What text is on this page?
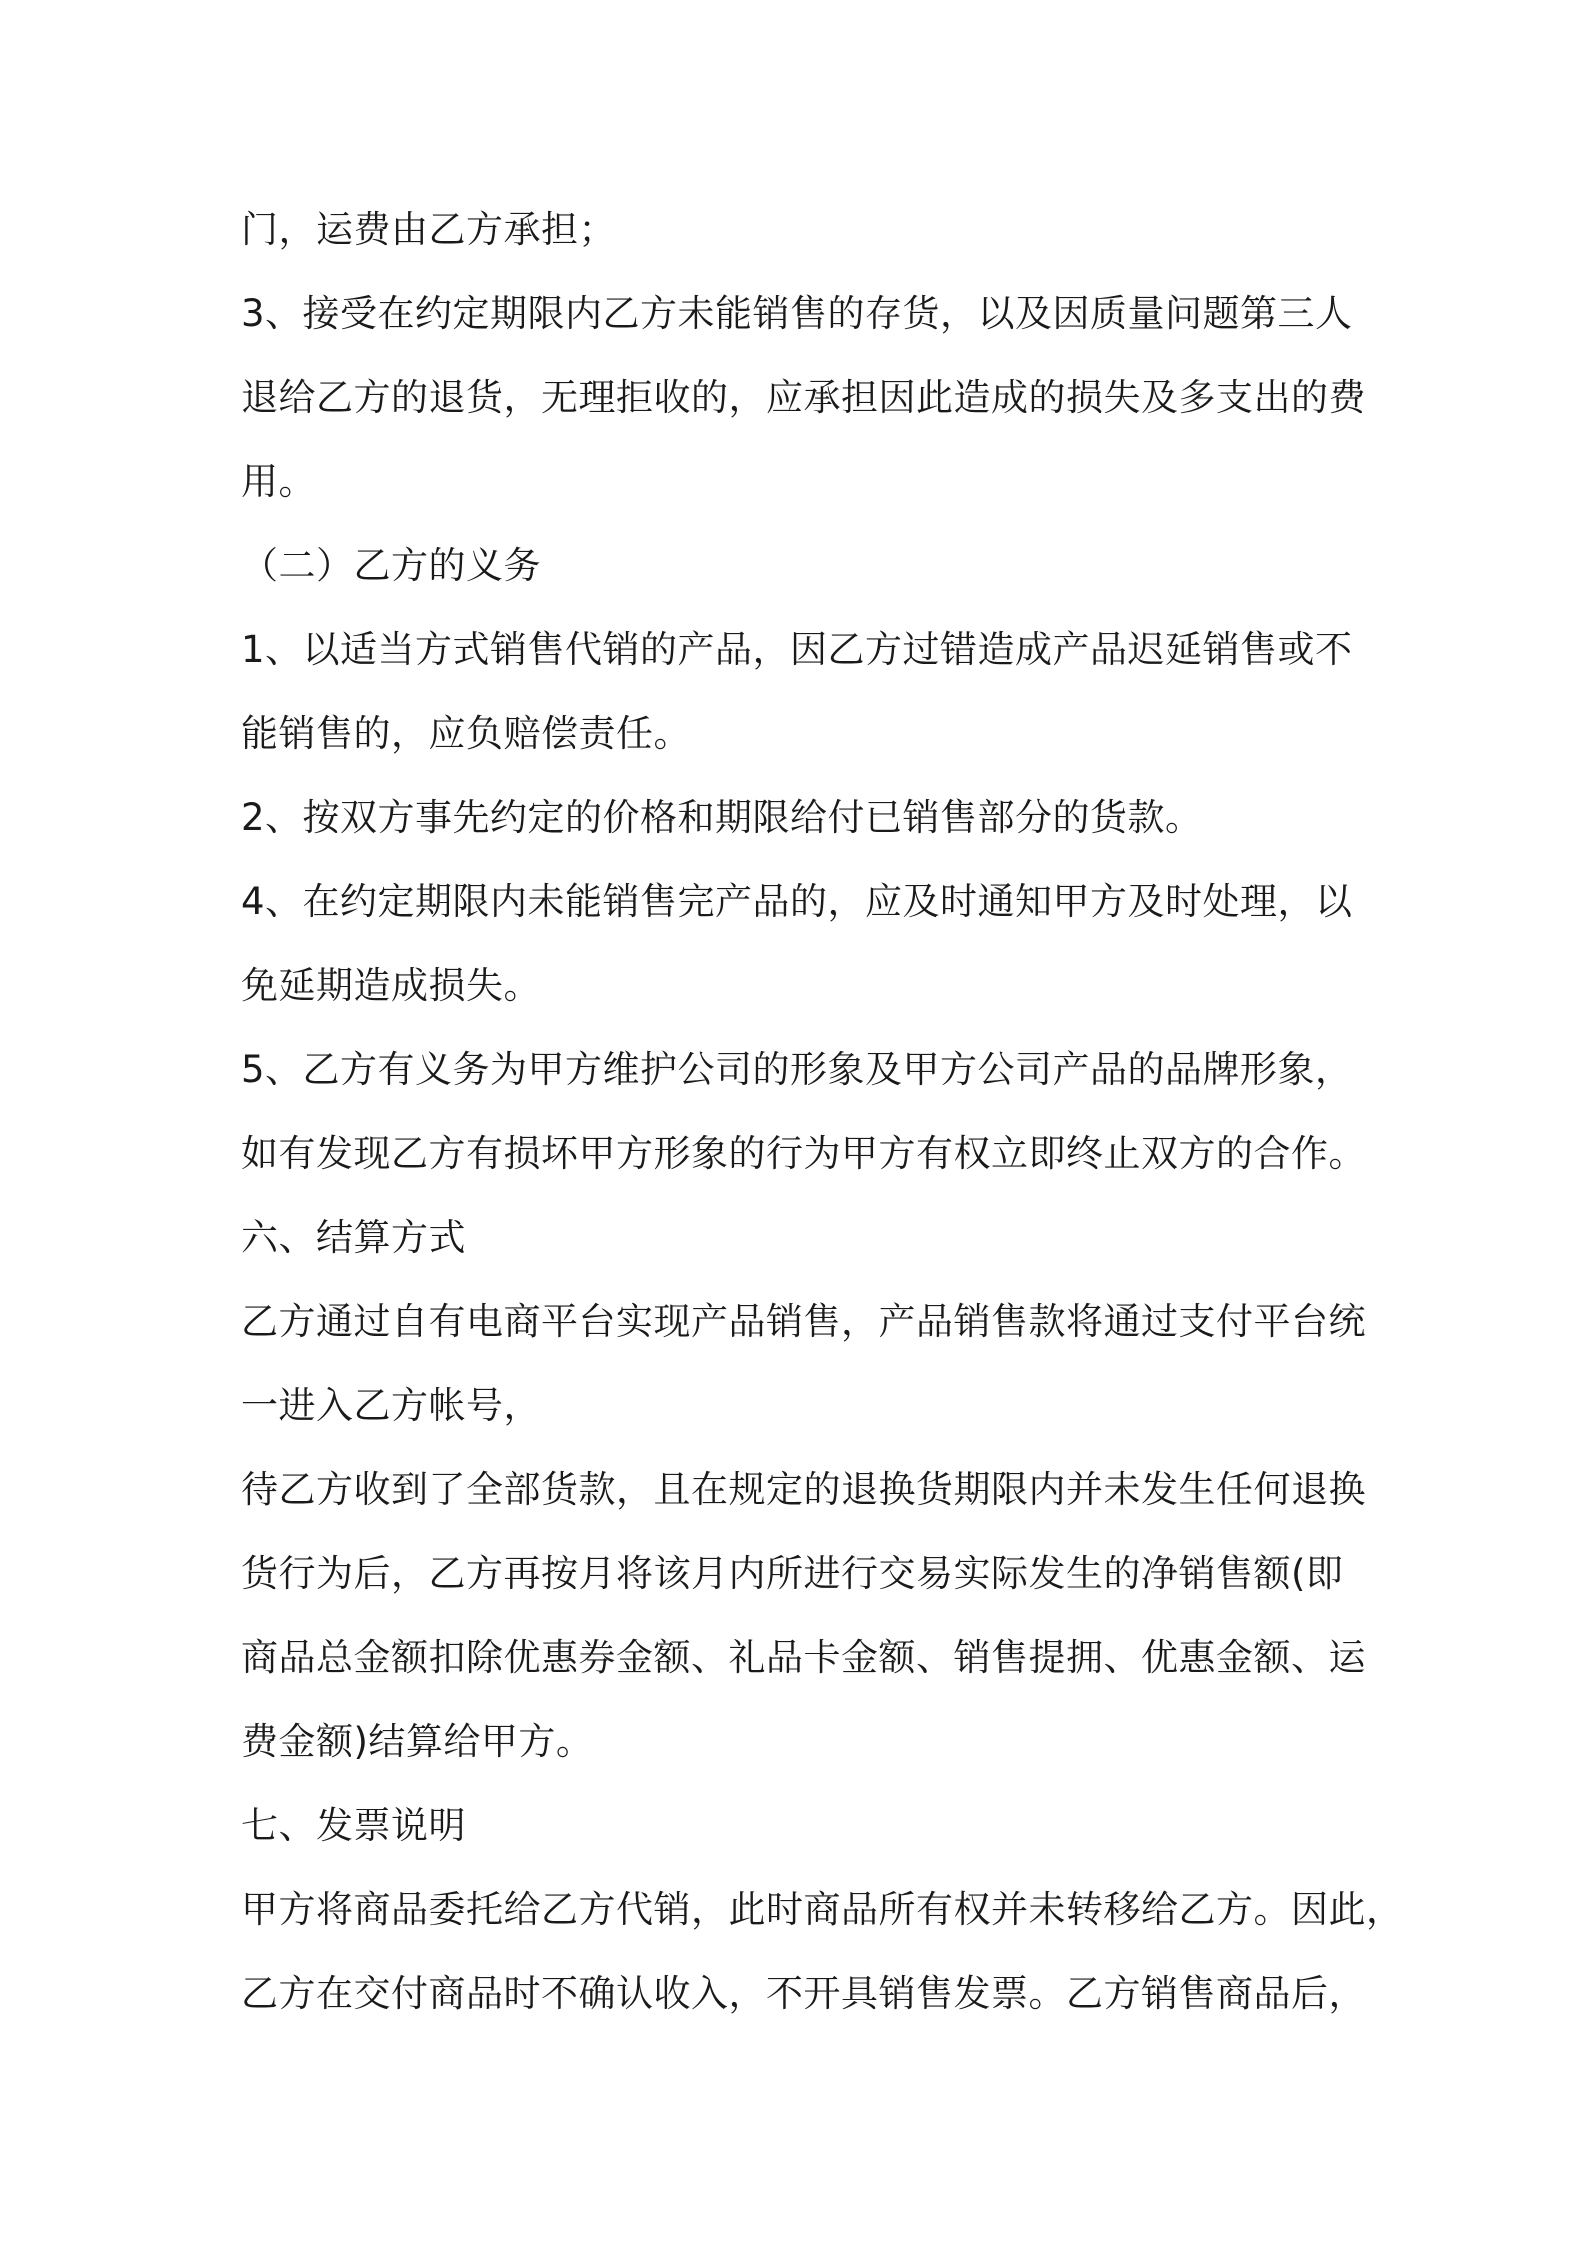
门，运费由乙方承担；
3、接受在约定期限内乙方未能销售的存货，以及因质量问题第三人
退给乙方的退货，无理拒收的，应承担因此造成的损失及多支出的费
用。
（二）乙方的义务
1、以适当方式销售代销的产品，因乙方过错造成产品迟延销售或不
能销售的，应负赔偿责任。
2、按双方事先约定的价格和期限给付已销售部分的货款。
4、在约定期限内未能销售完产品的，应及时通知甲方及时处理，以
免延期造成损失。
5、乙方有义务为甲方维护公司的形象及甲方公司产品的品牌形象，
如有发现乙方有损坏甲方形象的行为甲方有权立即终止双方的合作。
六、结算方式
乙方通过自有电商平台实现产品销售，产品销售款将通过支付平台统
一进入乙方帐号，
待乙方收到了全部货款，且在规定的退换货期限内并未发生任何退换
货行为后，乙方再按月将该月内所进行交易实际发生的净销售额(即
商品总金额扣除优惠券金额、礼品卡金额、销售提拥、优惠金额、运
费金额)结算给甲方。
七、发票说明
甲方将商品委托给乙方代销，此时商品所有权并未转移给乙方。因此，
乙方在交付商品时不确认收入，不开具销售发票。乙方销售商品后，
